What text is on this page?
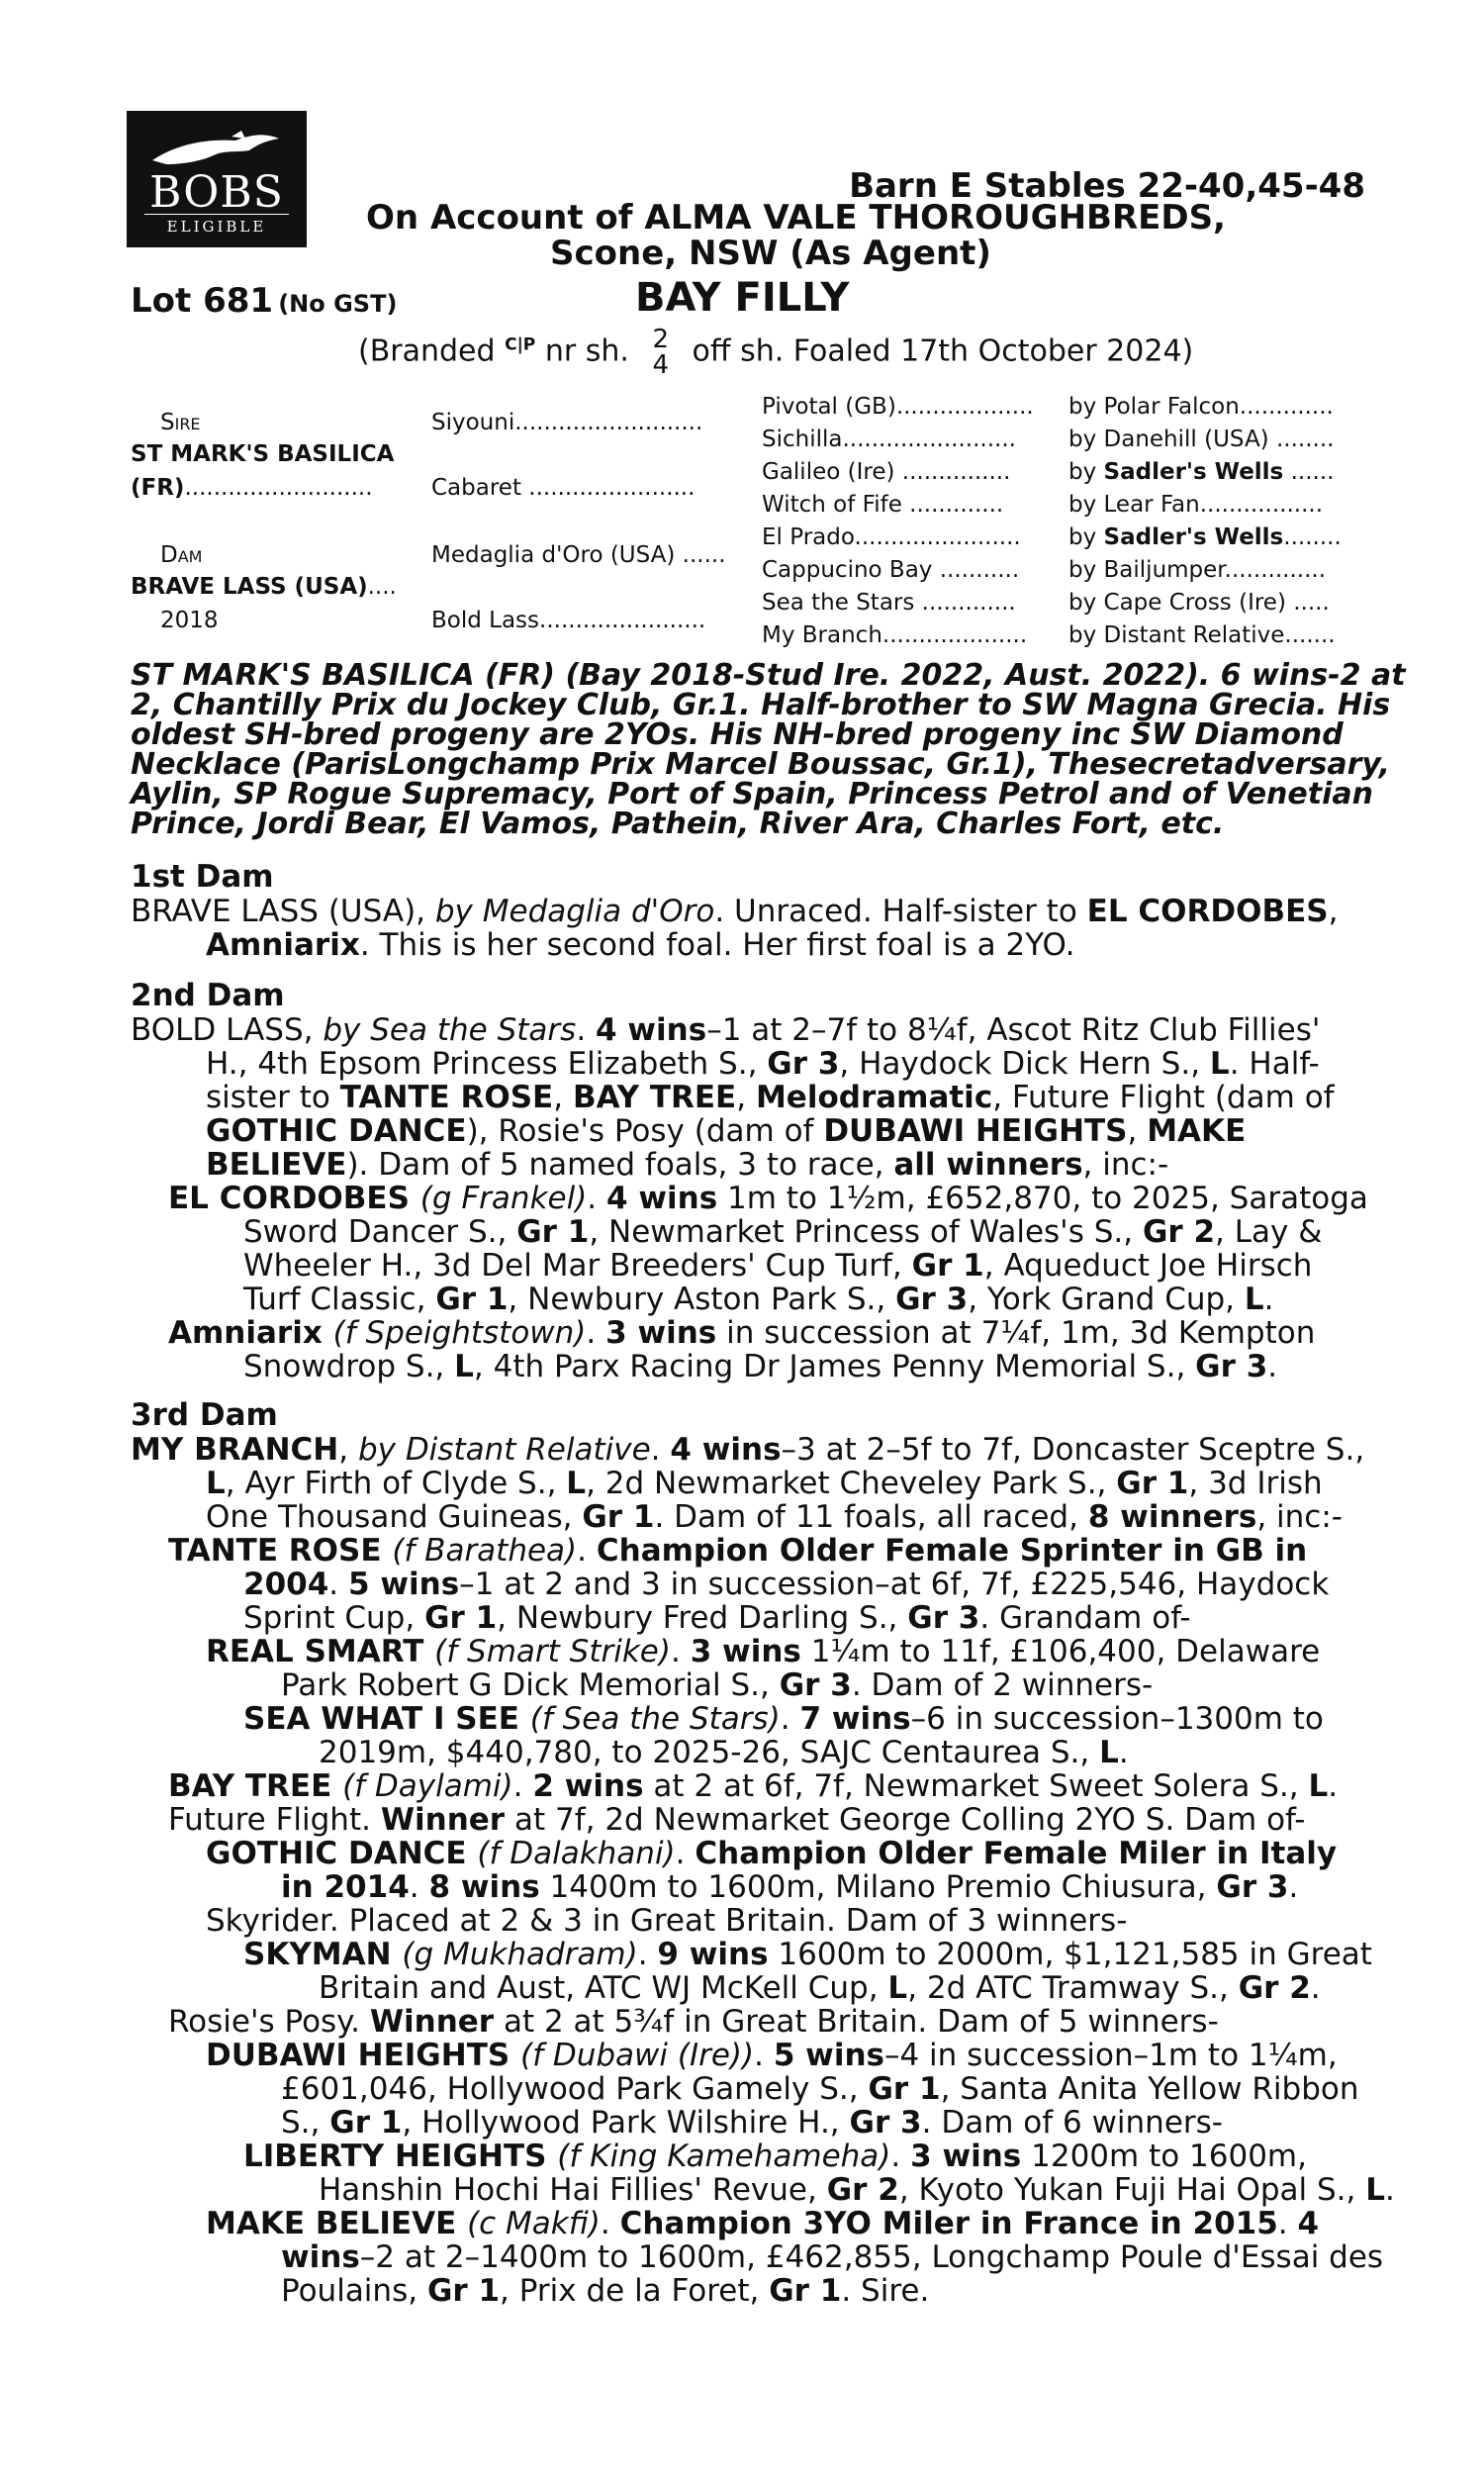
BOBS
ELIGIBLE
Barn E Stables 22-40,45-48
On Account of ALMA VALE THOROUGHBREDS,
Scone, NSW (As Agent)
Lot 681 (No GST)	BAY FILLY
(Branded $^{C|P}$ nr sh. 2
4 off sh. Foaled 17th October 2024)
Sire
ST MARK'S BASILICA
(FR)..........................
Dam
BRAVE LASS (USA)....
2018
Siyouni..........................
Cabaret .......................
Medaglia d'Oro (USA) ......
Bold Lass.......................
Pivotal (GB)...................
Sichilla........................
Galileo (Ire) ...............
Witch of Fife .............
El Prado.......................
Cappucino Bay ...........
Sea the Stars .............
My Branch....................
by Polar Falcon.............
by Danehill (USA) ........
by Sadler's Wells ......
by Lear Fan.................
by Sadler's Wells........
by Bailjumper..............
by Cape Cross (Ire) .....
by Distant Relative.......
ST MARK'S BASILICA (FR) (Bay 2018-Stud Ire. 2022, Aust. 2022). 6 wins-2 at
2, Chantilly Prix du Jockey Club, Gr.1. Half-brother to SW Magna Grecia. His
oldest SH-bred progeny are 2YOs. His NH-bred progeny inc SW Diamond
Necklace (ParisLongchamp Prix Marcel Boussac, Gr.1), Thesecretadversary,
Aylin, SP Rogue Supremacy, Port of Spain, Princess Petrol and of Venetian
Prince, Jordi Bear, El Vamos, Pathein, River Ara, Charles Fort, etc.
1st Dam
BRAVE LASS (USA), by Medaglia d'Oro. Unraced. Half-sister to EL CORDOBES,
Amniarix. This is her second foal. Her first foal is a 2YO.
2nd Dam
BOLD LASS, by Sea the Stars. 4 wins–1 at 2–7f to 8¼f, Ascot Ritz Club Fillies'
H., 4th Epsom Princess Elizabeth S., Gr 3, Haydock Dick Hern S., L. Half-
sister to TANTE ROSE, BAY TREE, Melodramatic, Future Flight (dam of
GOTHIC DANCE), Rosie's Posy (dam of DUBAWI HEIGHTS, MAKE
BELIEVE). Dam of 5 named foals, 3 to race, all winners, inc:-
EL CORDOBES (g Frankel). 4 wins 1m to 1½m, £652,870, to 2025, Saratoga
Sword Dancer S., Gr 1, Newmarket Princess of Wales's S., Gr 2, Lay &
Wheeler H., 3d Del Mar Breeders' Cup Turf, Gr 1, Aqueduct Joe Hirsch
Turf Classic, Gr 1, Newbury Aston Park S., Gr 3, York Grand Cup, L.
Amniarix (f Speightstown). 3 wins in succession at 7¼f, 1m, 3d Kempton
Snowdrop S., L, 4th Parx Racing Dr James Penny Memorial S., Gr 3.
3rd Dam
MY BRANCH, by Distant Relative. 4 wins–3 at 2–5f to 7f, Doncaster Sceptre S.,
L, Ayr Firth of Clyde S., L, 2d Newmarket Cheveley Park S., Gr 1, 3d Irish
One Thousand Guineas, Gr 1. Dam of 11 foals, all raced, 8 winners, inc:-
TANTE ROSE (f Barathea). Champion Older Female Sprinter in GB in
2004. 5 wins–1 at 2 and 3 in succession–at 6f, 7f, £225,546, Haydock
Sprint Cup, Gr 1, Newbury Fred Darling S., Gr 3. Grandam of-
REAL SMART (f Smart Strike). 3 wins 1¼m to 11f, £106,400, Delaware
Park Robert G Dick Memorial S., Gr 3. Dam of 2 winners-
SEA WHAT I SEE (f Sea the Stars). 7 wins–6 in succession–1300m to
2019m, $440,780, to 2025-26, SAJC Centaurea S., L.
BAY TREE (f Daylami). 2 wins at 2 at 6f, 7f, Newmarket Sweet Solera S., L.
Future Flight. Winner at 7f, 2d Newmarket George Colling 2YO S. Dam of-
GOTHIC DANCE (f Dalakhani). Champion Older Female Miler in Italy
in 2014. 8 wins 1400m to 1600m, Milano Premio Chiusura, Gr 3.
Skyrider. Placed at 2 & 3 in Great Britain. Dam of 3 winners-
SKYMAN (g Mukhadram). 9 wins 1600m to 2000m, $1,121,585 in Great
Britain and Aust, ATC WJ McKell Cup, L, 2d ATC Tramway S., Gr 2.
Rosie's Posy. Winner at 2 at 5¾f in Great Britain. Dam of 5 winners-
DUBAWI HEIGHTS (f Dubawi (Ire)). 5 wins–4 in succession–1m to 1¼m,
£601,046, Hollywood Park Gamely S., Gr 1, Santa Anita Yellow Ribbon
S., Gr 1, Hollywood Park Wilshire H., Gr 3. Dam of 6 winners-
LIBERTY HEIGHTS (f King Kamehameha). 3 wins 1200m to 1600m,
Hanshin Hochi Hai Fillies' Revue, Gr 2, Kyoto Yukan Fuji Hai Opal S., L.
MAKE BELIEVE (c Makfi). Champion 3YO Miler in France in 2015. 4
wins–2 at 2–1400m to 1600m, £462,855, Longchamp Poule d'Essai des
Poulains, Gr 1, Prix de la Foret, Gr 1. Sire.
